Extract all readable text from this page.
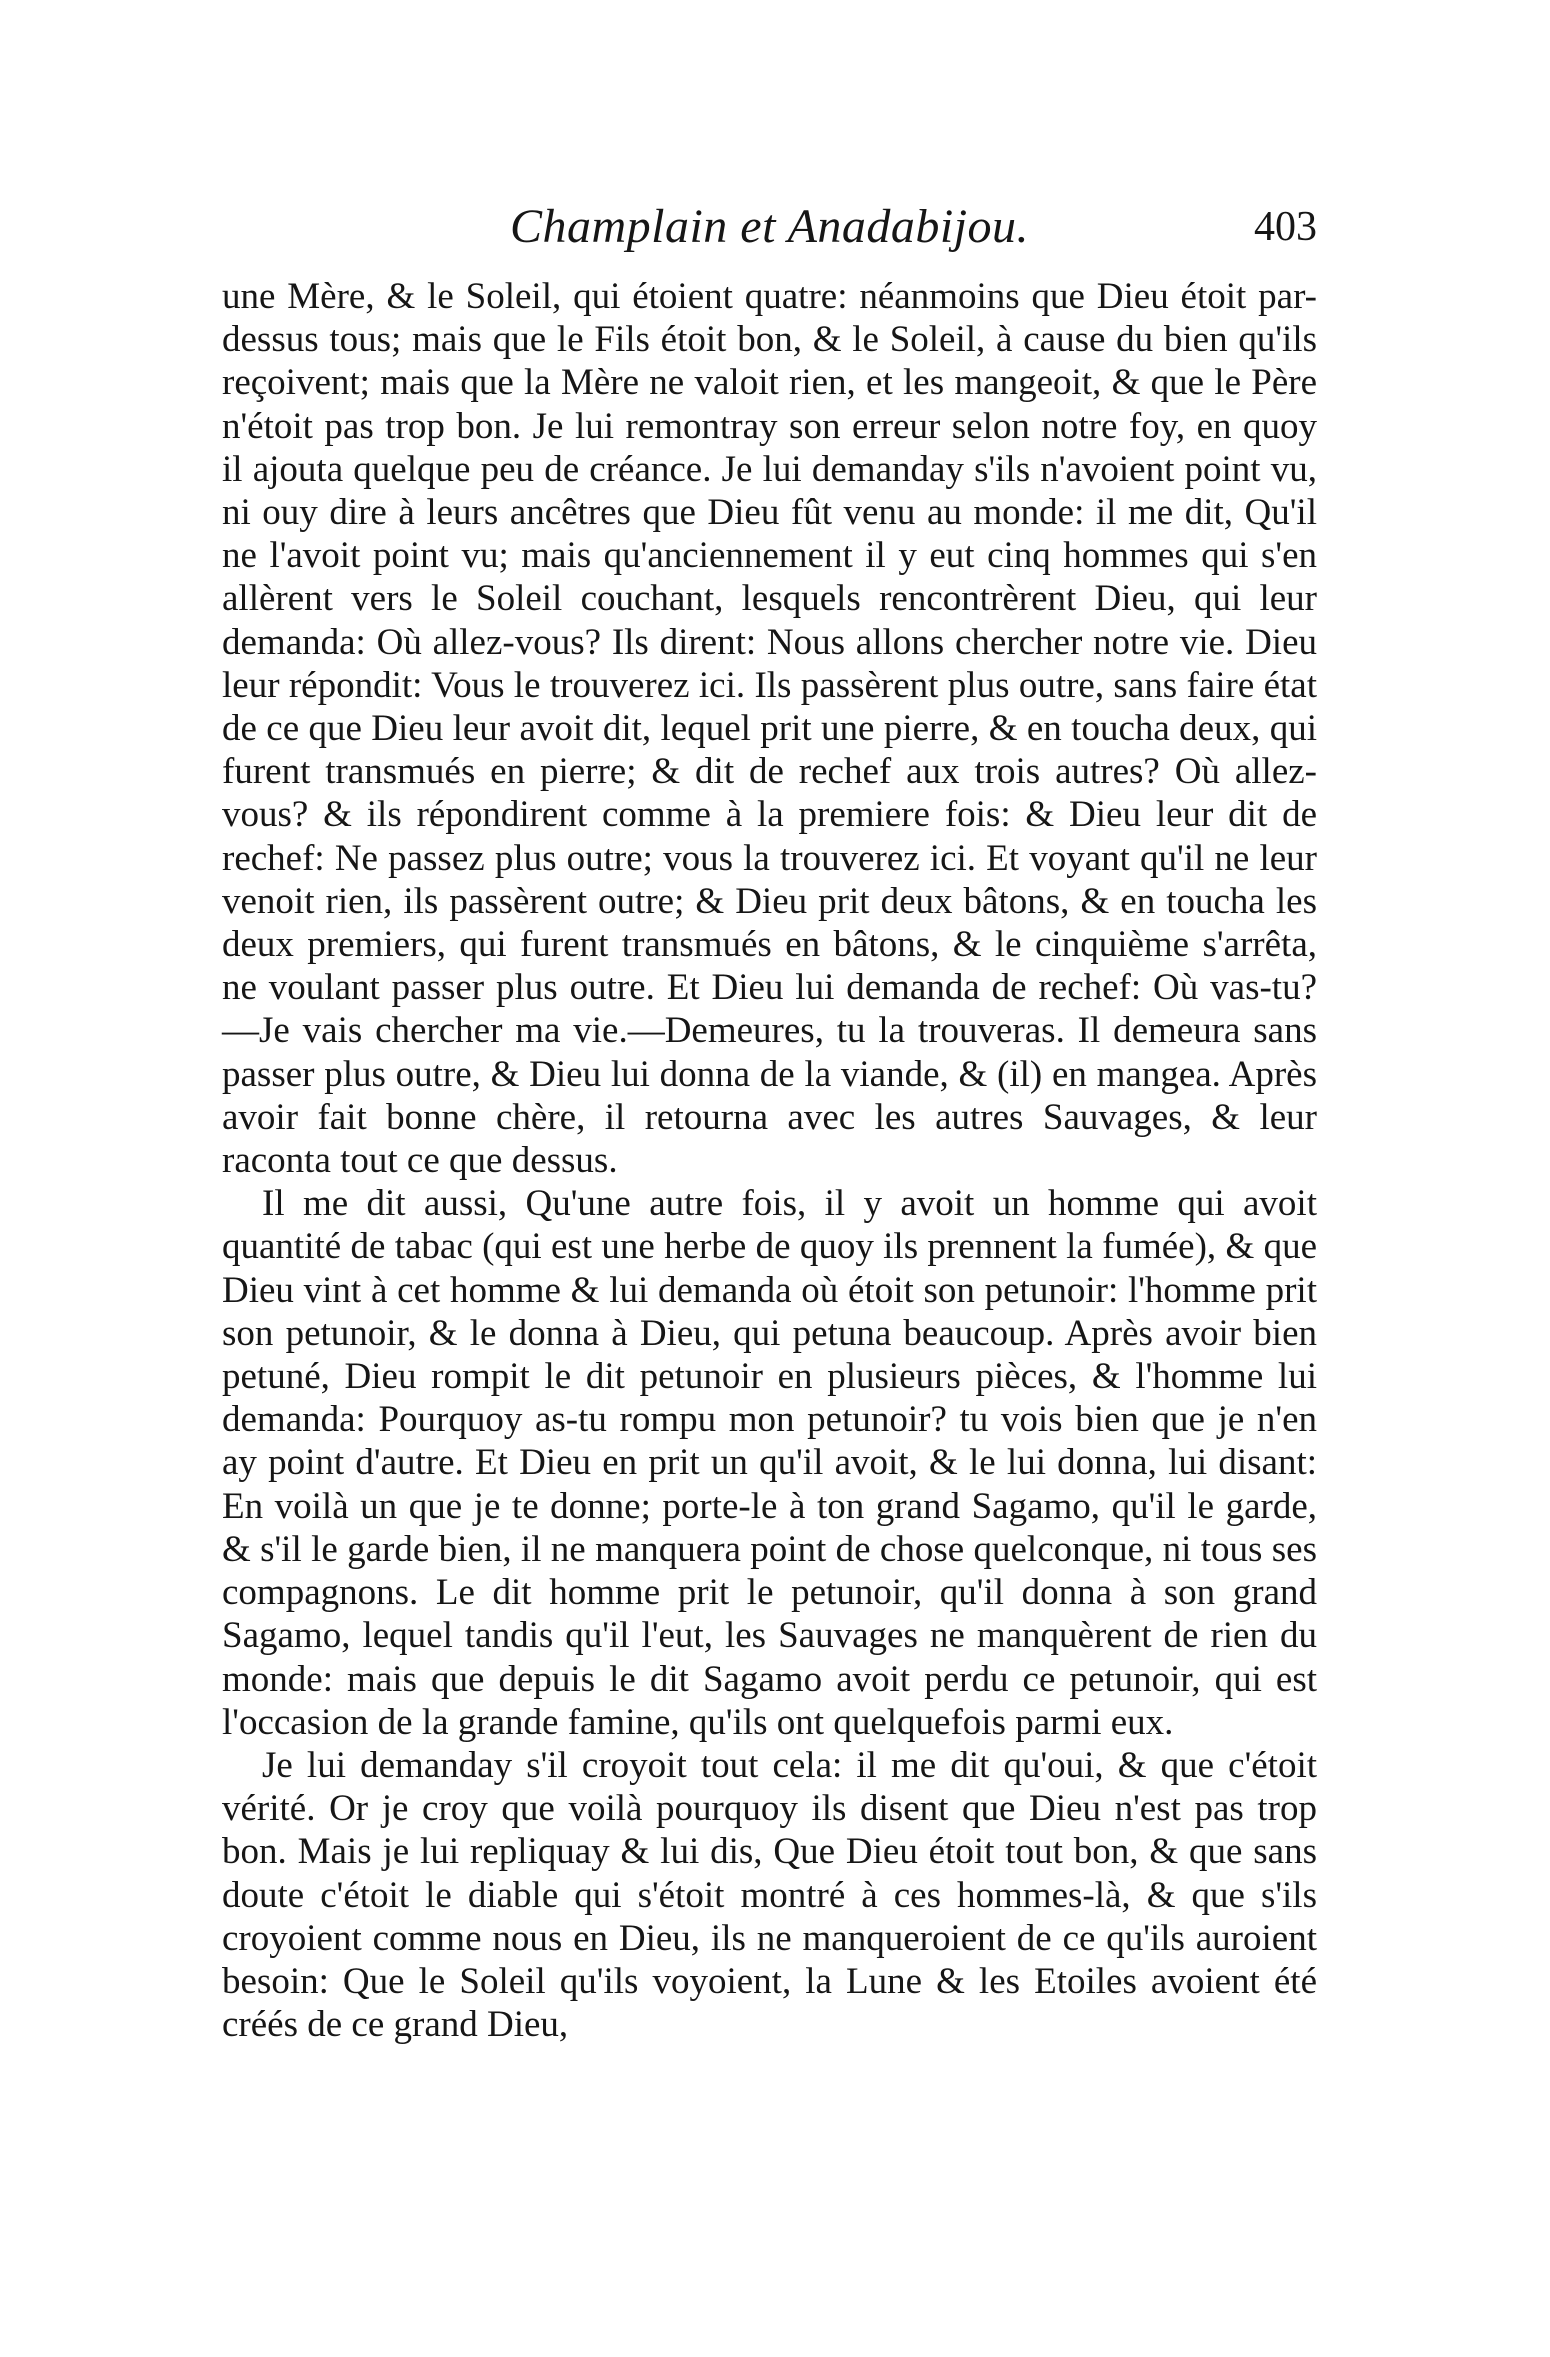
Champlain et Anadabijou.	403

une Mère, & le Soleil, qui étoient quatre: néanmoins que Dieu étoit par-dessus tous; mais que le Fils étoit bon, & le Soleil, à cause du bien qu'ils reçoivent; mais que la Mère ne valoit rien, et les mangeoit, & que le Père n'étoit pas trop bon. Je lui remontray son erreur selon notre foy, en quoy il ajouta quelque peu de créance. Je lui demanday s'ils n'avoient point vu, ni ouy dire à leurs ancêtres que Dieu fût venu au monde: il me dit, Qu'il ne l'avoit point vu; mais qu'anciennement il y eut cinq hommes qui s'en allèrent vers le Soleil couchant, lesquels rencontrèrent Dieu, qui leur demanda: Où allez-vous? Ils dirent: Nous allons chercher notre vie. Dieu leur répondit: Vous le trouverez ici. Ils passèrent plus outre, sans faire état de ce que Dieu leur avoit dit, lequel prit une pierre, & en toucha deux, qui furent transmués en pierre; & dit de rechef aux trois autres? Où allez-vous? & ils répondirent comme à la premiere fois: & Dieu leur dit de rechef: Ne passez plus outre; vous la trouverez ici. Et voyant qu'il ne leur venoit rien, ils passèrent outre; & Dieu prit deux bâtons, & en toucha les deux premiers, qui furent transmués en bâtons, & le cinquième s'arrêta, ne voulant passer plus outre. Et Dieu lui demanda de rechef: Où vas-tu?—Je vais chercher ma vie.—Demeures, tu la trouveras. Il demeura sans passer plus outre, & Dieu lui donna de la viande, & (il) en mangea. Après avoir fait bonne chère, il retourna avec les autres Sauvages, & leur raconta tout ce que dessus.

Il me dit aussi, Qu'une autre fois, il y avoit un homme qui avoit quantité de tabac (qui est une herbe de quoy ils prennent la fumée), & que Dieu vint à cet homme & lui demanda où étoit son petunoir: l'homme prit son petunoir, & le donna à Dieu, qui petuna beaucoup. Après avoir bien petuné, Dieu rompit le dit petunoir en plusieurs pièces, & l'homme lui demanda: Pourquoy as-tu rompu mon petunoir? tu vois bien que je n'en ay point d'autre. Et Dieu en prit un qu'il avoit, & le lui donna, lui disant: En voilà un que je te donne; porte-le à ton grand Sagamo, qu'il le garde, & s'il le garde bien, il ne manquera point de chose quelconque, ni tous ses compagnons. Le dit homme prit le petunoir, qu'il donna à son grand Sagamo, lequel tandis qu'il l'eut, les Sauvages ne manquèrent de rien du monde: mais que depuis le dit Sagamo avoit perdu ce petunoir, qui est l'occasion de la grande famine, qu'ils ont quelquefois parmi eux.

Je lui demanday s'il croyoit tout cela: il me dit qu'oui, & que c'étoit vérité. Or je croy que voilà pourquoy ils disent que Dieu n'est pas trop bon. Mais je lui repliquay & lui dis, Que Dieu étoit tout bon, & que sans doute c'étoit le diable qui s'étoit montré à ces hommes-là, & que s'ils croyoient comme nous en Dieu, ils ne manqueroient de ce qu'ils auroient besoin: Que le Soleil qu'ils voyoient, la Lune & les Etoiles avoient été créés de ce grand Dieu,
